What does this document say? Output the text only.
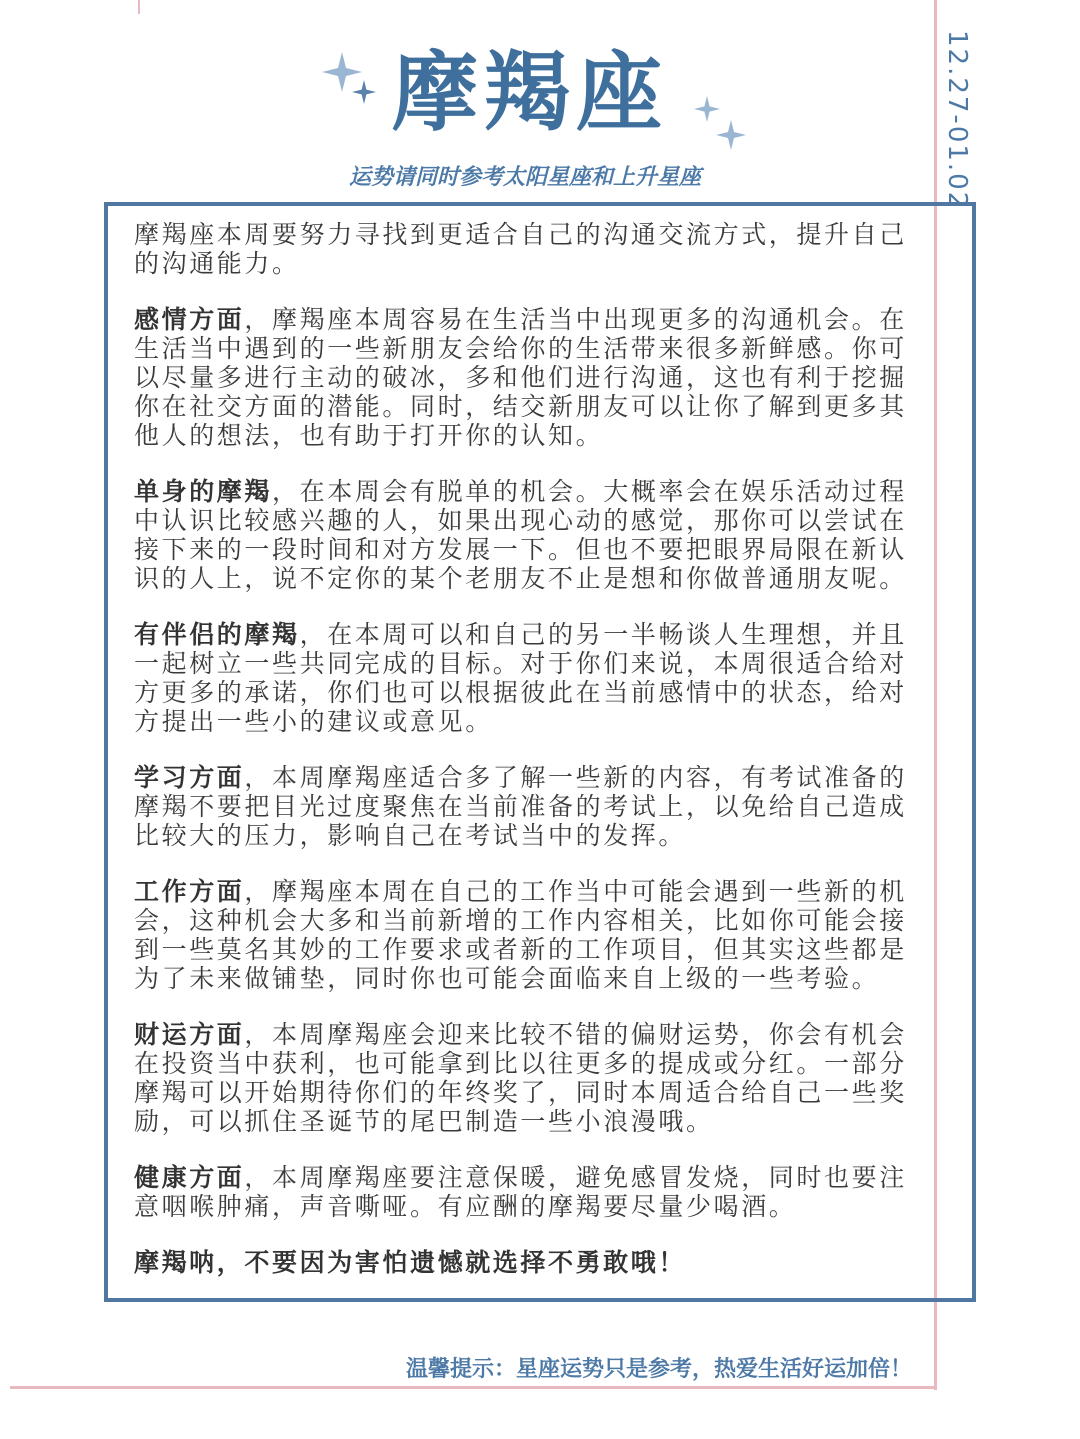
摩羯座
运势请同时参考太阳星座和上升星座	12.27-01.02

摩羯座本周要努力寻找到更适合自己的沟通交流方式，提升自己的沟通能力。

感情方面，摩羯座本周容易在生活当中出现更多的沟通机会。在生活当中遇到的一些新朋友会给你的生活带来很多新鲜感。你可以尽量多进行主动的破冰，多和他们进行沟通，这也有利于挖掘你在社交方面的潜能。同时，结交新朋友可以让你了解到更多其他人的想法，也有助于打开你的认知。

单身的摩羯，在本周会有脱单的机会。大概率会在娱乐活动过程中认识比较感兴趣的人，如果出现心动的感觉，那你可以尝试在接下来的一段时间和对方发展一下。但也不要把眼界局限在新认识的人上，说不定你的某个老朋友不止是想和你做普通朋友呢。

有伴侣的摩羯，在本周可以和自己的另一半畅谈人生理想，并且一起树立一些共同完成的目标。对于你们来说，本周很适合给对方更多的承诺，你们也可以根据彼此在当前感情中的状态，给对方提出一些小的建议或意见。

学习方面，本周摩羯座适合多了解一些新的内容，有考试准备的摩羯不要把目光过度聚焦在当前准备的考试上，以免给自己造成比较大的压力，影响自己在考试当中的发挥。

工作方面，摩羯座本周在自己的工作当中可能会遇到一些新的机会，这种机会大多和当前新增的工作内容相关，比如你可能会接到一些莫名其妙的工作要求或者新的工作项目，但其实这些都是为了未来做铺垫，同时你也可能会面临来自上级的一些考验。

财运方面，本周摩羯座会迎来比较不错的偏财运势，你会有机会在投资当中获利，也可能拿到比以往更多的提成或分红。一部分摩羯可以开始期待你们的年终奖了，同时本周适合给自己一些奖励，可以抓住圣诞节的尾巴制造一些小浪漫哦。

健康方面，本周摩羯座要注意保暖，避免感冒发烧，同时也要注意咽喉肿痛，声音嘶哑。有应酬的摩羯要尽量少喝酒。

摩羯呐，不要因为害怕遗憾就选择不勇敢哦！

温馨提示：星座运势只是参考，热爱生活好运加倍！
